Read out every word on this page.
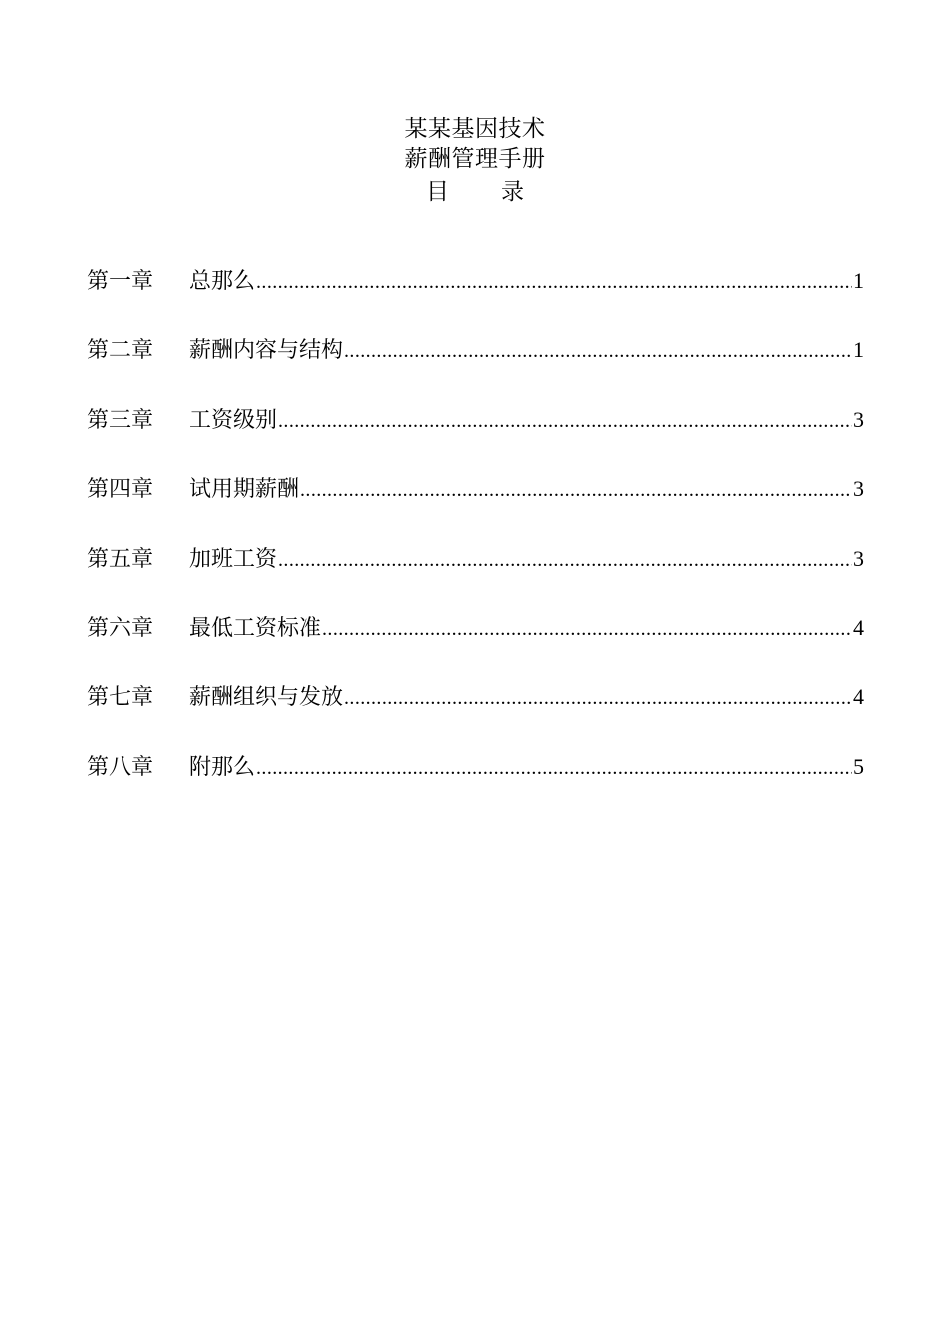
某某基因技术
薪酬管理手册
目 录
第一章	总那么 .....	1
第二章	薪酬内容与结构 .....	1
第三章	工资级别 .....	3
第四章	试用期薪酬 .....	3
第五章	加班工资 .....	3
第六章	最低工资标准 .....	4
第七章	薪酬组织与发放 .....	4
第八章	附那么 .....	5
